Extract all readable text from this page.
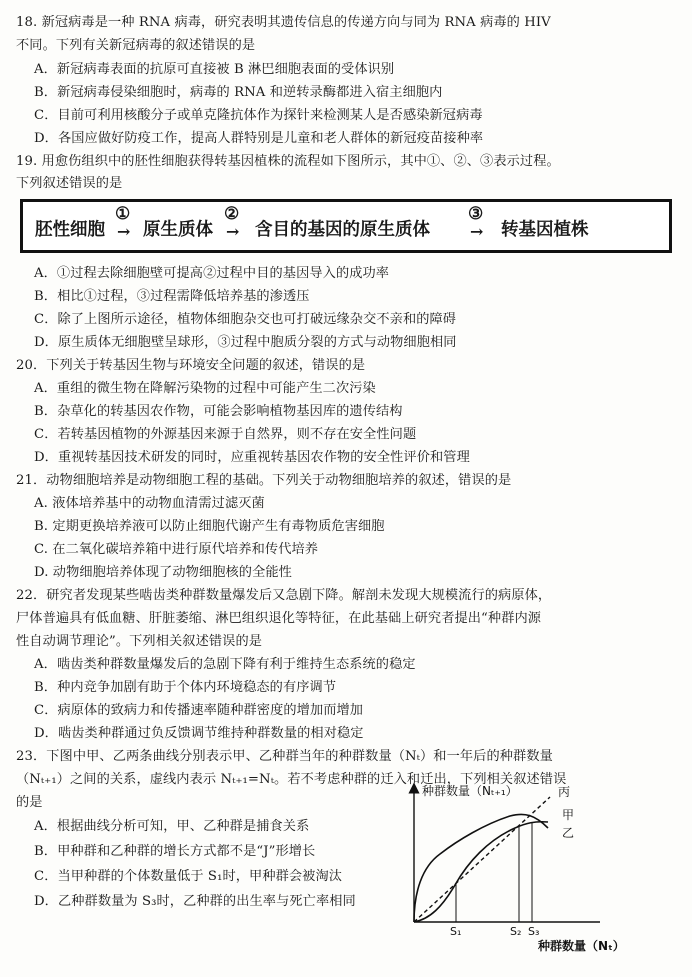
18. 新冠病毒是一种 RNA 病毒，研究表明其遗传信息的传递方向与同为 RNA 病毒的 HIV
不同。下列有关新冠病毒的叙述错误的是
A．新冠病毒表面的抗原可直接被 B 淋巴细胞表面的受体识别
B．新冠病毒侵染细胞时，病毒的 RNA 和逆转录酶都进入宿主细胞内
C．目前可利用核酸分子或单克隆抗体作为探针来检测某人是否感染新冠病毒
D．各国应做好防疫工作，提高人群特别是儿童和老人群体的新冠疫苗接种率
19. 用愈伤组织中的胚性细胞获得转基因植株的流程如下图所示，其中①、②、③表示过程。
下列叙述错误的是
胚性细胞
①
→ 原生质体
②
→ 含目的基因的原生质体
③
→ 转基因植株
A．①过程去除细胞壁可提高②过程中目的基因导入的成功率
B．相比①过程，③过程需降低培养基的渗透压
C．除了上图所示途径，植物体细胞杂交也可打破远缘杂交不亲和的障碍
D．原生质体无细胞壁呈球形，③过程中胞质分裂的方式与动物细胞相同
20．下列关于转基因生物与环境安全问题的叙述，错误的是
A．重组的微生物在降解污染物的过程中可能产生二次污染
B．杂草化的转基因农作物，可能会影响植物基因库的遗传结构
C．若转基因植物的外源基因来源于自然界，则不存在安全性问题
D．重视转基因技术研发的同时，应重视转基因农作物的安全性评价和管理
21．动物细胞培养是动物细胞工程的基础。下列关于动物细胞培养的叙述，错误的是
A. 液体培养基中的动物血清需过滤灭菌
B. 定期更换培养液可以防止细胞代谢产生有毒物质危害细胞
C. 在二氧化碳培养箱中进行原代培养和传代培养
D. 动物细胞培养体现了动物细胞核的全能性
22．研究者发现某些啮齿类种群数量爆发后又急剧下降。解剖未发现大规模流行的病原体，
尸体普遍具有低血糖、肝脏萎缩、淋巴组织退化等特征，在此基础上研究者提出“种群内源
性自动调节理论”。下列相关叙述错误的是
A．啮齿类种群数量爆发后的急剧下降有利于维持生态系统的稳定
B．种内竞争加剧有助于个体内环境稳态的有序调节
C．病原体的致病力和传播速率随种群密度的增加而增加
D．啮齿类种群通过负反馈调节维持种群数量的相对稳定
23．下图中甲、乙两条曲线分别表示甲、乙种群当年的种群数量（Nₜ）和一年后的种群数量
（Nₜ₊₁）之间的关系，虚线内表示 Nₜ₊₁=Nₜ。若不考虑种群的迁入和迁出，下列相关叙述错误
的是
A．根据曲线分析可知，甲、乙种群是捕食关系
B．甲种群和乙种群的增长方式都不是“J”形增长
C．当甲种群的个体数量低于 S₁时，甲种群会被淘汰
D．乙种群数量为 S₃时，乙种群的出生率与死亡率相同
种群数量（Nₜ₊₁）
种群数量（Nₜ）
丙
甲
乙
S₁	S₂ S₃
